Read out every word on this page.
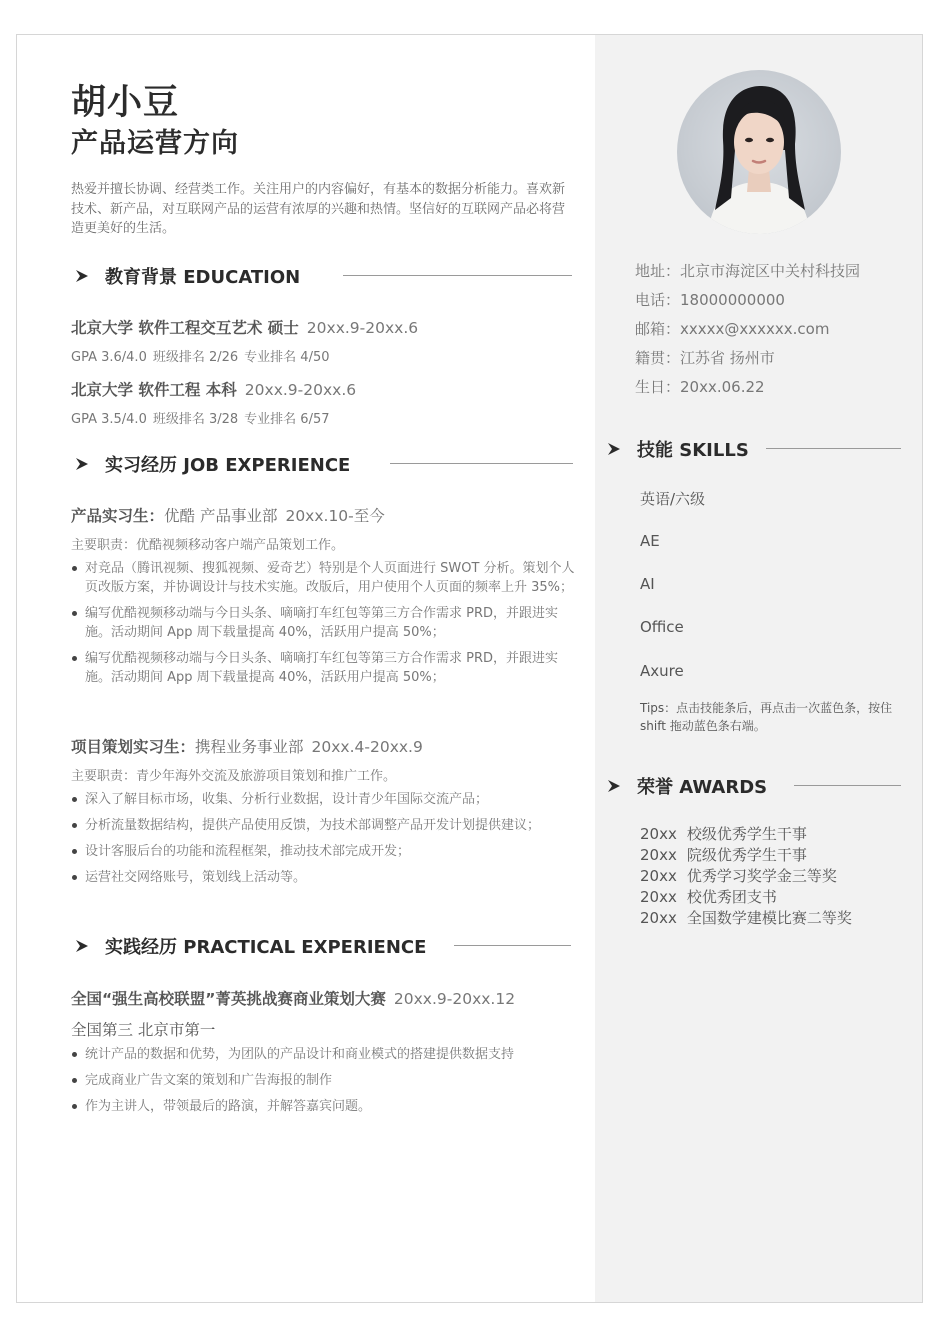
胡小豆
产品运营方向
热爱并擅长协调、经营类工作。关注用户的内容偏好，有基本的数据分析能力。喜欢新技术、新产品，对互联网产品的运营有浓厚的兴趣和热情。坚信好的互联网产品必将营造更美好的生活。
教育背景 EDUCATION
北京大学 软件工程交互艺术 硕士 20xx.9-20xx.6
GPA 3.6/4.0 班级排名 2/26 专业排名 4/50
北京大学 软件工程 本科 20xx.9-20xx.6
GPA 3.5/4.0 班级排名 3/28 专业排名 6/57
实习经历 JOB EXPERIENCE
产品实习生：优酷 产品事业部 20xx.10-至今
主要职责：优酷视频移动客户端产品策划工作。
对竞品（腾讯视频、搜狐视频、爱奇艺）特别是个人页面进行 SWOT 分析。策划个人页改版方案，并协调设计与技术实施。改版后，用户使用个人页面的频率上升 35%；
编写优酷视频移动端与今日头条、嘀嘀打车红包等第三方合作需求 PRD，并跟进实施。活动期间 App 周下载量提高 40%，活跃用户提高 50%；
编写优酷视频移动端与今日头条、嘀嘀打车红包等第三方合作需求 PRD，并跟进实施。活动期间 App 周下载量提高 40%，活跃用户提高 50%；
项目策划实习生：携程业务事业部 20xx.4-20xx.9
主要职责：青少年海外交流及旅游项目策划和推广工作。
深入了解目标市场，收集、分析行业数据，设计青少年国际交流产品；
分析流量数据结构，提供产品使用反馈，为技术部调整产品开发计划提供建议；
设计客服后台的功能和流程框架，推动技术部完成开发；
运营社交网络账号，策划线上活动等。
实践经历 PRACTICAL EXPERIENCE
全国“强生高校联盟”菁英挑战赛商业策划大赛 20xx.9-20xx.12
全国第三 北京市第一
统计产品的数据和优势，为团队的产品设计和商业模式的搭建提供数据支持
完成商业广告文案的策划和广告海报的制作
作为主讲人，带领最后的路演，并解答嘉宾问题。
地址：北京市海淀区中关村科技园
电话：18000000000
邮箱：xxxxx@xxxxxx.com
籍贯：江苏省 扬州市
生日：20xx.06.22
技能 SKILLS
英语/六级
AE
AI
Office
Axure
Tips：点击技能条后，再点击一次蓝色条，按住 shift 拖动蓝色条右端。
荣誉 AWARDS
20xx 校级优秀学生干事
20xx 院级优秀学生干事
20xx 优秀学习奖学金三等奖
20xx 校优秀团支书
20xx 全国数学建模比赛二等奖
